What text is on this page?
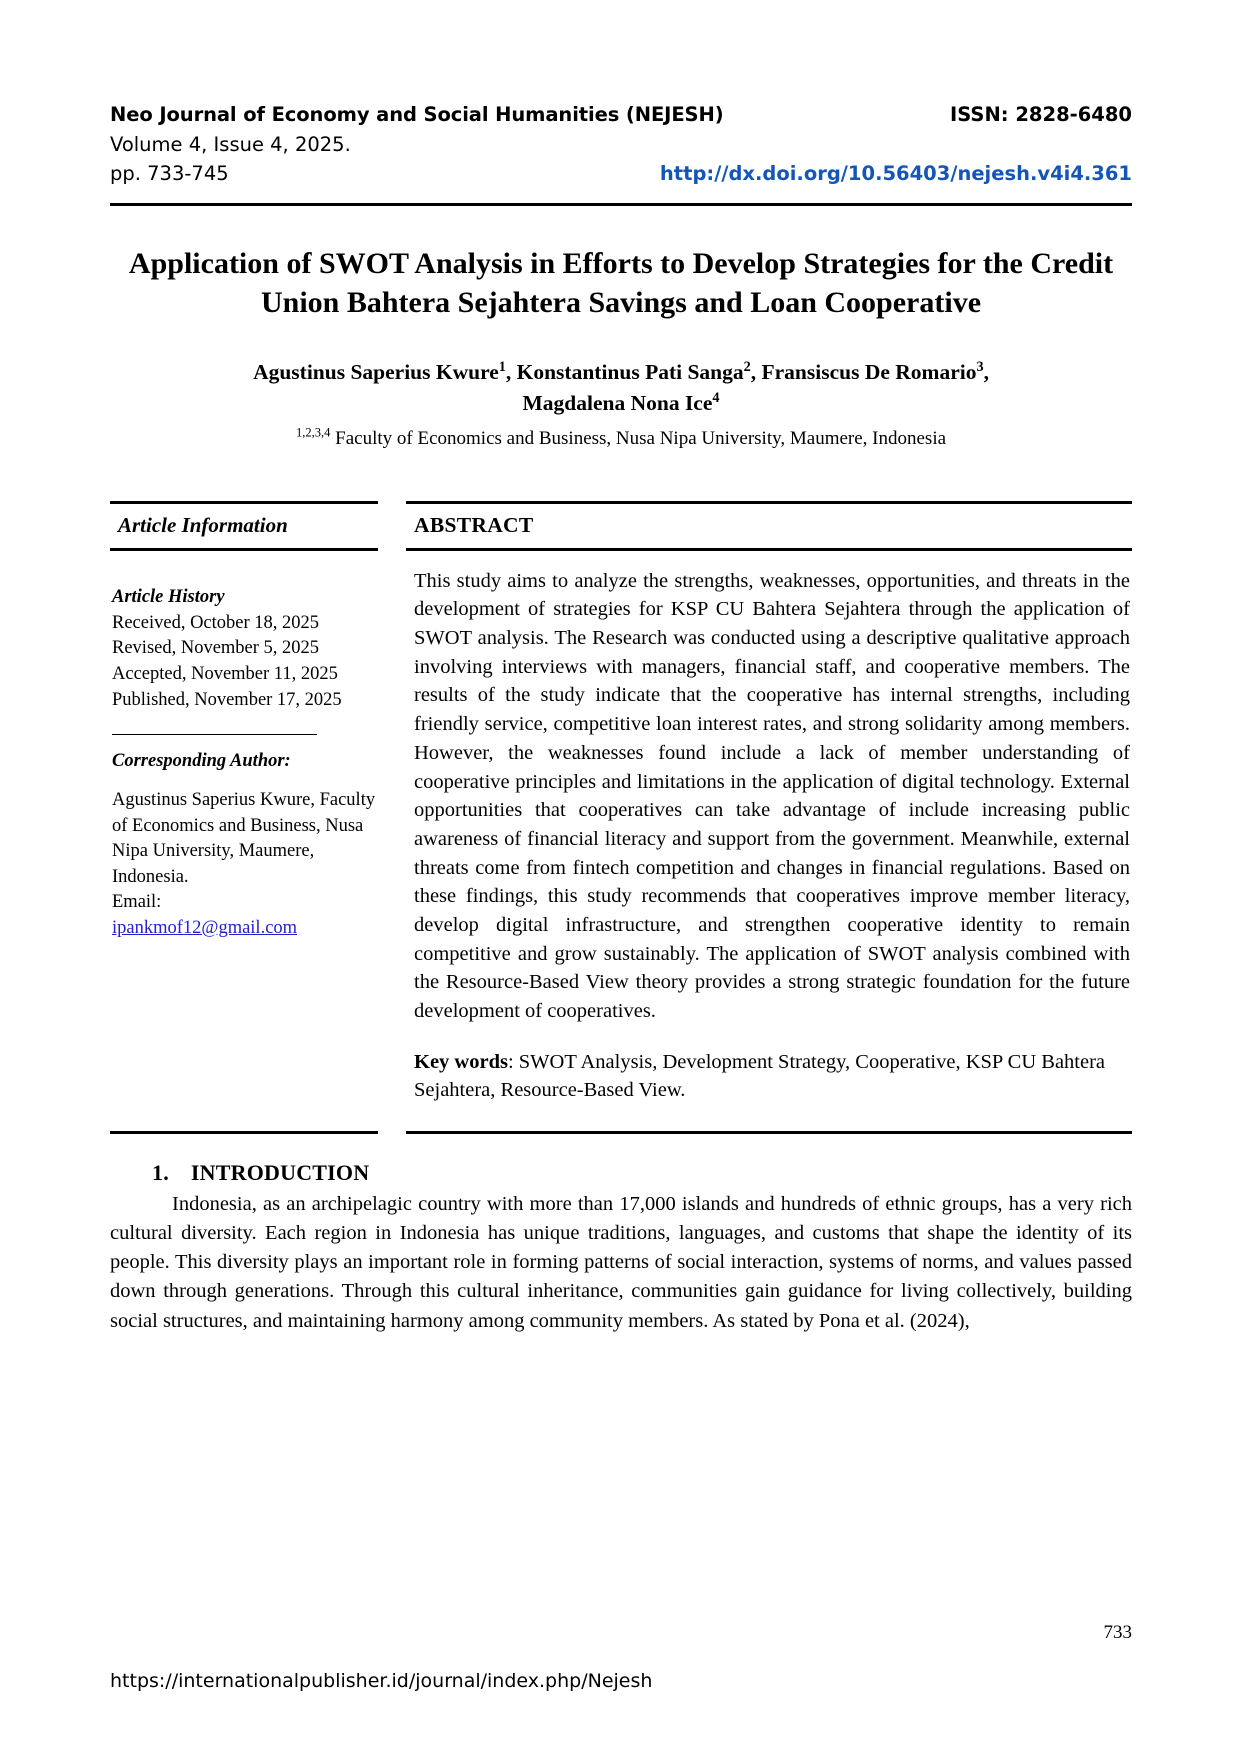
Neo Journal of Economy and Social Humanities (NEJESH)	ISSN: 2828-6480
Volume 4, Issue 4, 2025.
pp. 733-745	http://dx.doi.org/10.56403/nejesh.v4i4.361
Application of SWOT Analysis in Efforts to Develop Strategies for the Credit Union Bahtera Sejahtera Savings and Loan Cooperative
Agustinus Saperius Kwure$^1$, Konstantinus Pati Sanga$^2$, Fransiscus De Romario$^3$,
Magdalena Nona Ice$^4$
$^{1,2,3,4}$ Faculty of Economics and Business, Nusa Nipa University, Maumere, Indonesia
Article Information
Article History
Received, October 18, 2025
Revised, November 5, 2025
Accepted, November 11, 2025
Published, November 17, 2025
Corresponding Author:
Agustinus Saperius Kwure, Faculty of Economics and Business, Nusa Nipa University, Maumere, Indonesia.
Email:
ipankmof12@gmail.com
ABSTRACT
This study aims to analyze the strengths, weaknesses, opportunities, and threats in the development of strategies for KSP CU Bahtera Sejahtera through the application of SWOT analysis. The Research was conducted using a descriptive qualitative approach involving interviews with managers, financial staff, and cooperative members. The results of the study indicate that the cooperative has internal strengths, including friendly service, competitive loan interest rates, and strong solidarity among members. However, the weaknesses found include a lack of member understanding of cooperative principles and limitations in the application of digital technology. External opportunities that cooperatives can take advantage of include increasing public awareness of financial literacy and support from the government. Meanwhile, external threats come from fintech competition and changes in financial regulations. Based on these findings, this study recommends that cooperatives improve member literacy, develop digital infrastructure, and strengthen cooperative identity to remain competitive and grow sustainably. The application of SWOT analysis combined with the Resource-Based View theory provides a strong strategic foundation for the future development of cooperatives.
Key words: SWOT Analysis, Development Strategy, Cooperative, KSP CU Bahtera Sejahtera, Resource-Based View.
1. INTRODUCTION
Indonesia, as an archipelagic country with more than 17,000 islands and hundreds of ethnic groups, has a very rich cultural diversity. Each region in Indonesia has unique traditions, languages, and customs that shape the identity of its people. This diversity plays an important role in forming patterns of social interaction, systems of norms, and values passed down through generations. Through this cultural inheritance, communities gain guidance for living collectively, building social structures, and maintaining harmony among community members. As stated by Pona et al. (2024),
733
https://internationalpublisher.id/journal/index.php/Nejesh
